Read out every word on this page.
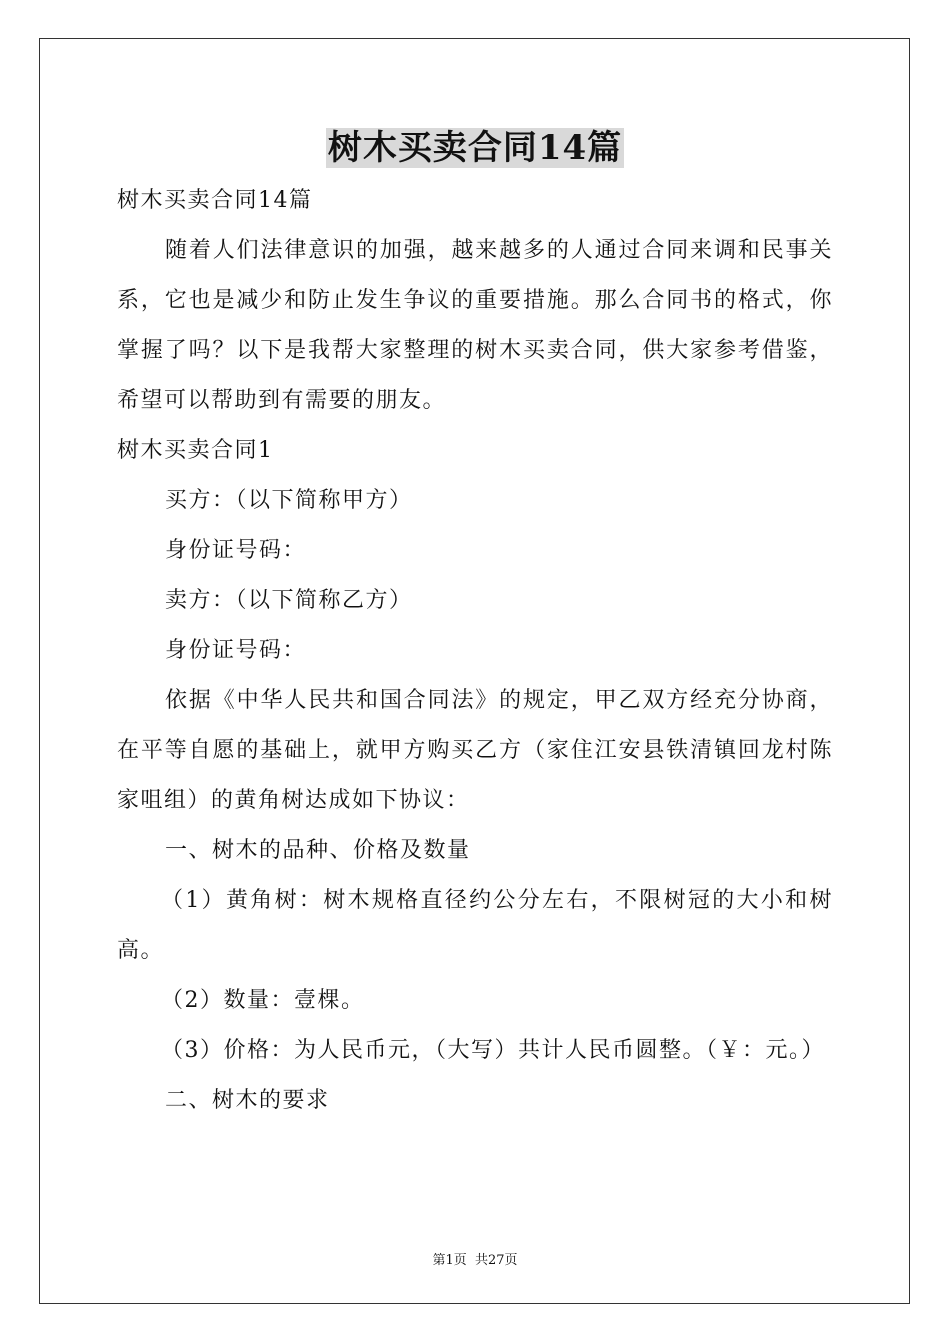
树木买卖合同14篇

树木买卖合同14篇

随着人们法律意识的加强，越来越多的人通过合同来调和民事关系，它也是减少和防止发生争议的重要措施。那么合同书的格式，你掌握了吗？以下是我帮大家整理的树木买卖合同，供大家参考借鉴，希望可以帮助到有需要的朋友。

树木买卖合同1

买方：（以下简称甲方）

身份证号码：

卖方：（以下简称乙方）

身份证号码：

依据《中华人民共和国合同法》的规定，甲乙双方经充分协商，在平等自愿的基础上，就甲方购买乙方（家住江安县铁清镇回龙村陈家咀组）的黄角树达成如下协议：

一、树木的品种、价格及数量

（1）黄角树：树木规格直径约公分左右，不限树冠的大小和树高。

（2）数量：壹棵。

（3）价格：为人民币元，（大写）共计人民币圆整。（￥：元。）

二、树木的要求

第1页 共27页
